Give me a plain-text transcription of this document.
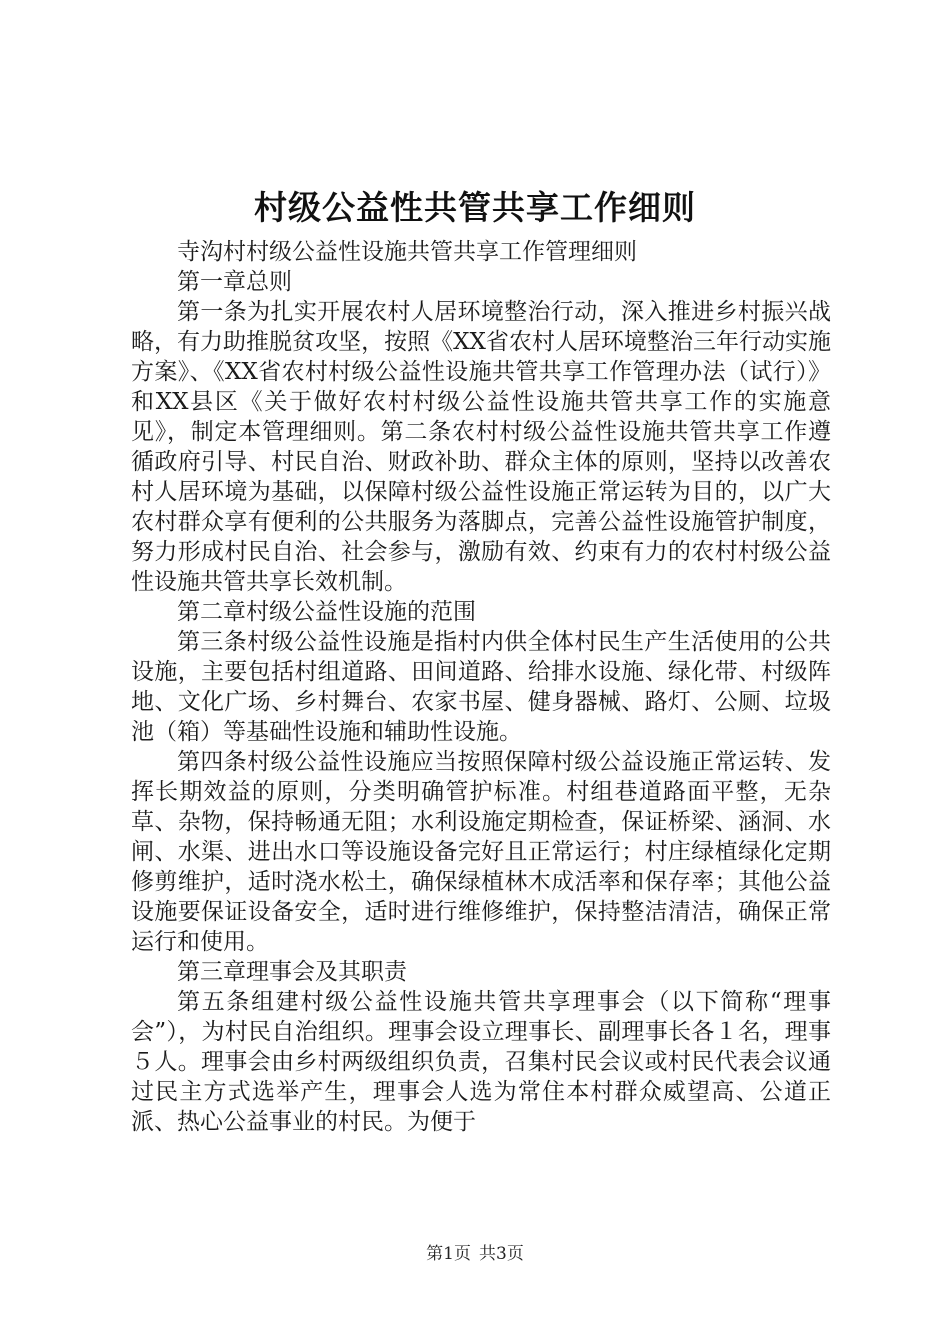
村级公益性共管共享工作细则

寺沟村村级公益性设施共管共享工作管理细则

第一章总则

第一条为扎实开展农村人居环境整治行动，深入推进乡村振兴战略，有力助推脱贫攻坚，按照《XX省农村人居环境整治三年行动实施方案》、《XX省农村村级公益性设施共管共享工作管理办法（试行）》和XX县区《关于做好农村村级公益性设施共管共享工作的实施意见》，制定本管理细则。第二条农村村级公益性设施共管共享工作遵循政府引导、村民自治、财政补助、群众主体的原则，坚持以改善农村人居环境为基础，以保障村级公益性设施正常运转为目的，以广大农村群众享有便利的公共服务为落脚点，完善公益性设施管护制度，努力形成村民自治、社会参与，激励有效、约束有力的农村村级公益性设施共管共享长效机制。

第二章村级公益性设施的范围

第三条村级公益性设施是指村内供全体村民生产生活使用的公共设施，主要包括村组道路、田间道路、给排水设施、绿化带、村级阵地、文化广场、乡村舞台、农家书屋、健身器械、路灯、公厕、垃圾池（箱）等基础性设施和辅助性设施。

第四条村级公益性设施应当按照保障村级公益设施正常运转、发挥长期效益的原则，分类明确管护标准。村组巷道路面平整，无杂草、杂物，保持畅通无阻；水利设施定期检查，保证桥梁、涵洞、水闸、水渠、进出水口等设施设备完好且正常运行；村庄绿植绿化定期修剪维护，适时浇水松土，确保绿植林木成活率和保存率；其他公益设施要保证设备安全，适时进行维修维护，保持整洁清洁，确保正常运行和使用。

第三章理事会及其职责

第五条组建村级公益性设施共管共享理事会（以下简称“理事会”），为村民自治组织。理事会设立理事长、副理事长各１名，理事５人。理事会由乡村两级组织负责，召集村民会议或村民代表会议通过民主方式选举产生，理事会人选为常住本村群众威望高、公道正派、热心公益事业的村民。为便于

第1页 共3页
